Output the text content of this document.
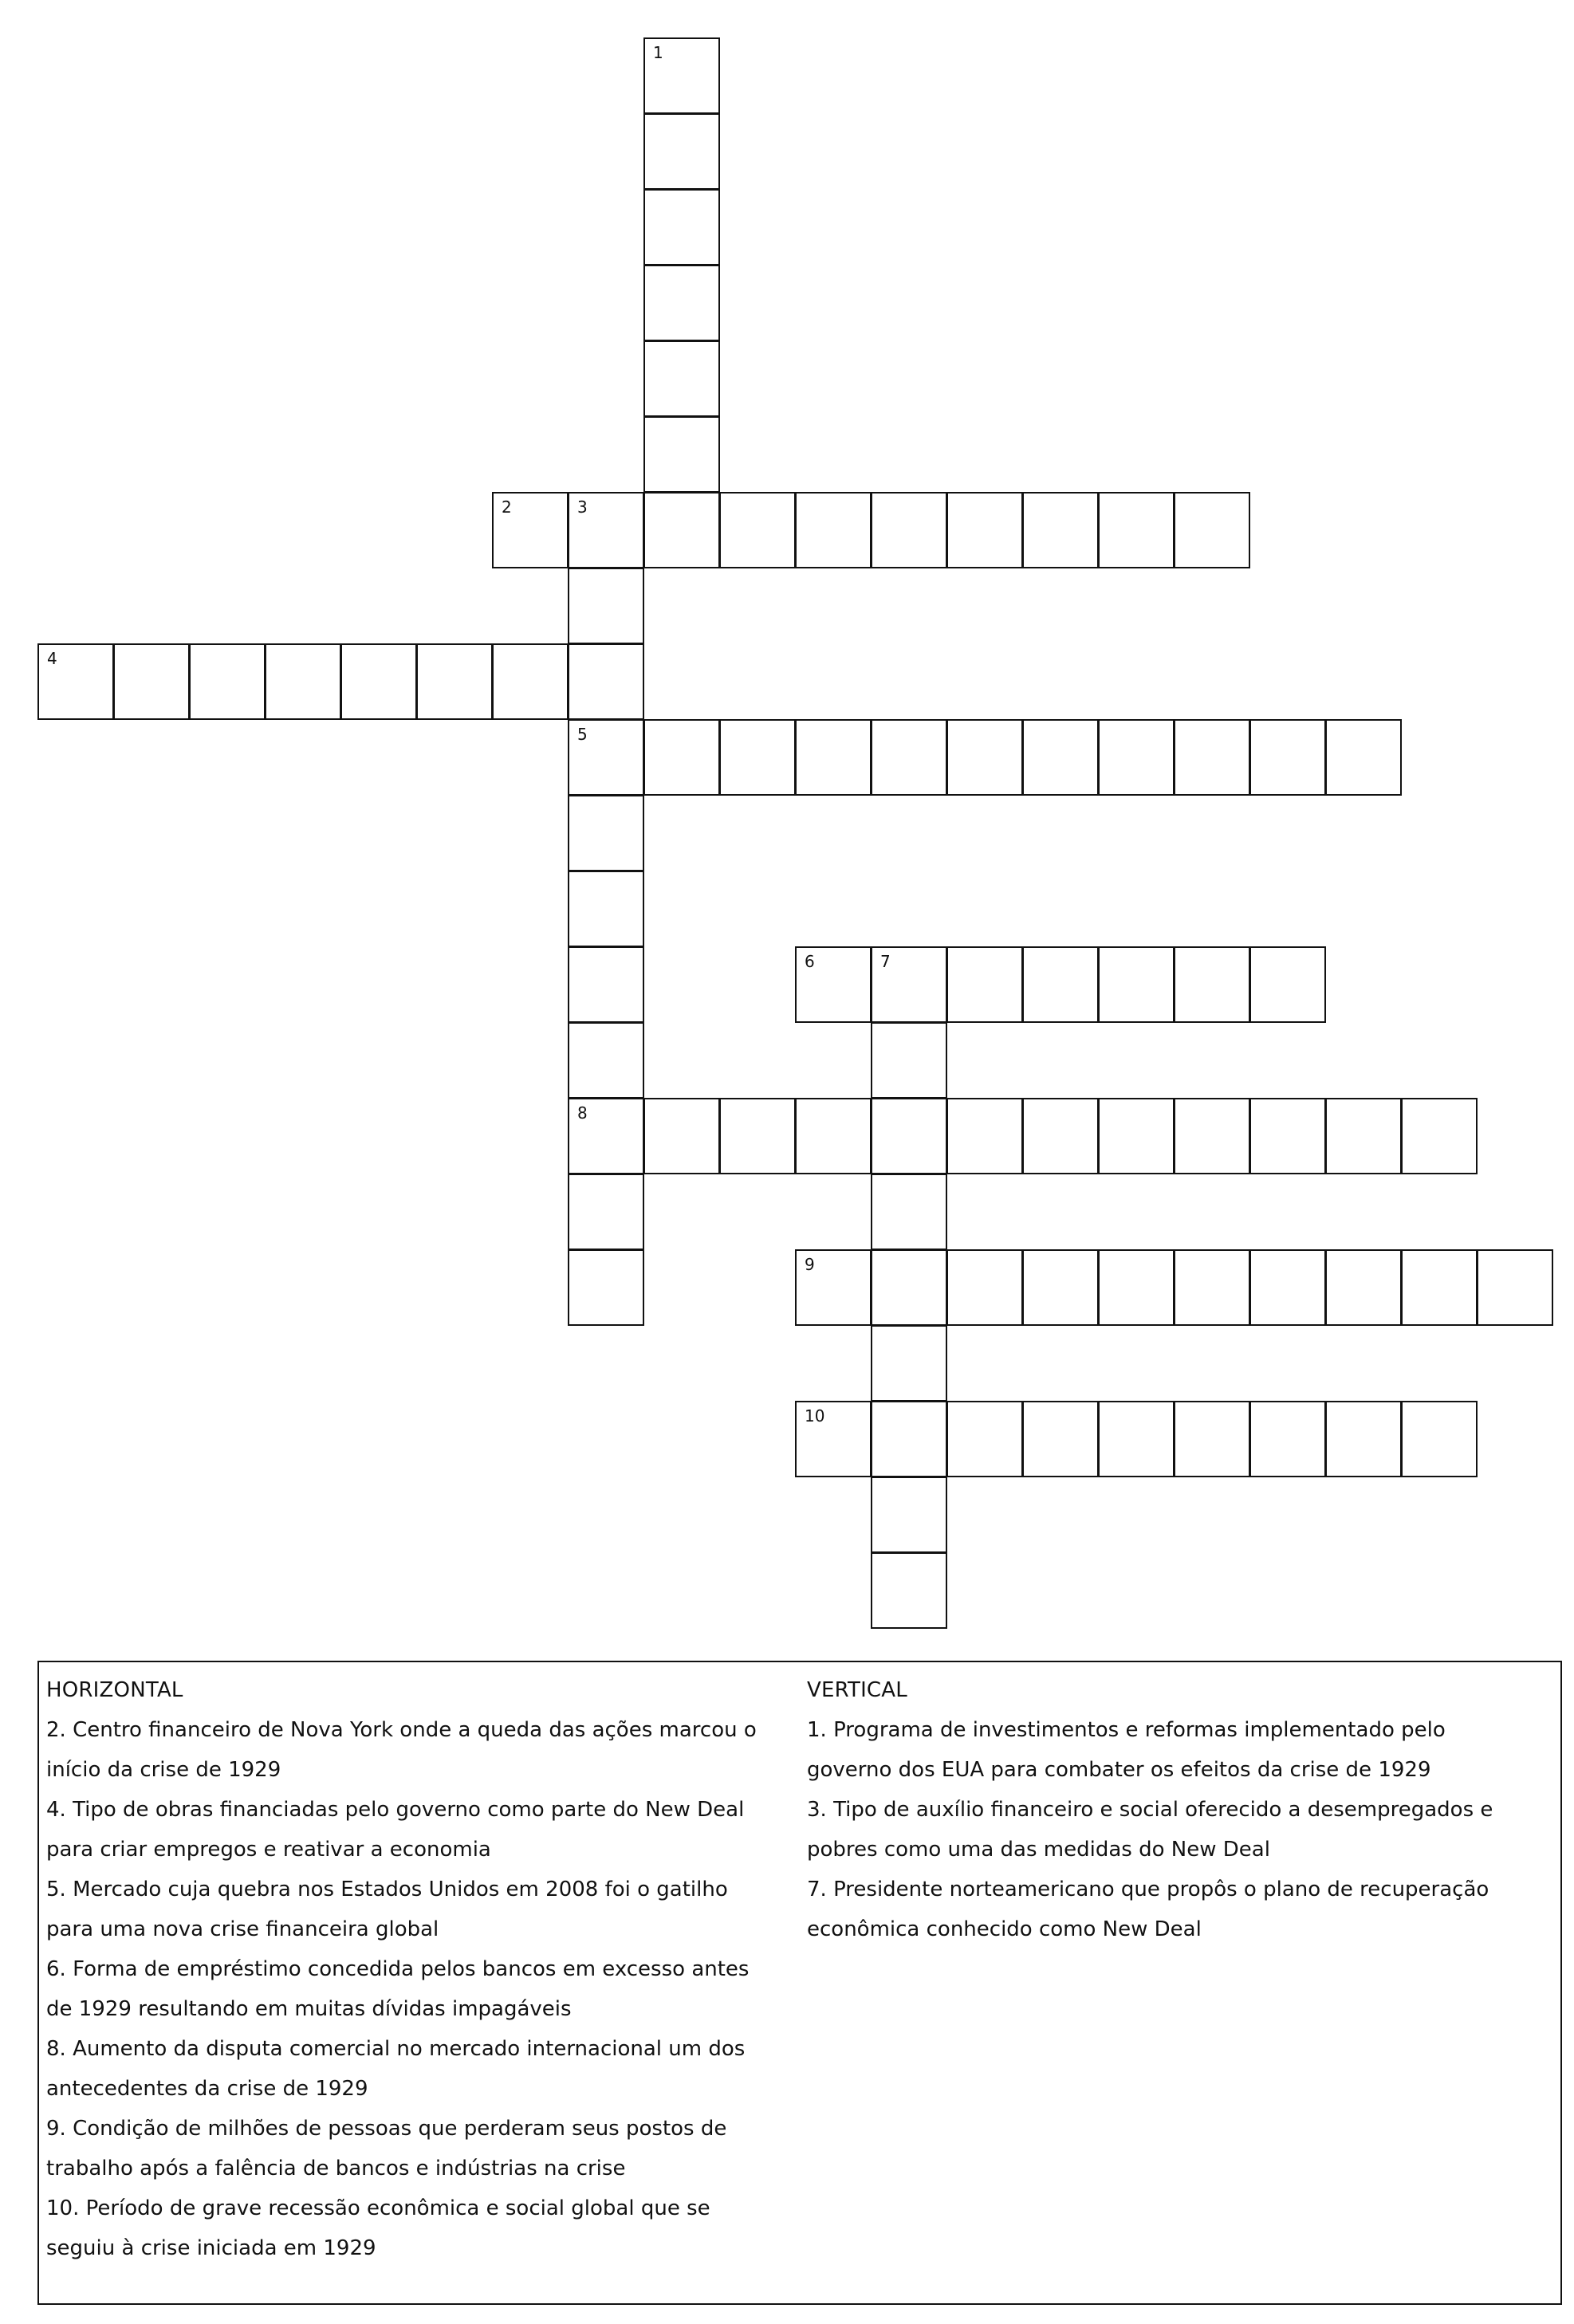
1
2	3
4
5
6	7
8
9
10
HORIZONTAL
2. Centro financeiro de Nova York onde a queda das ações marcou o
início da crise de 1929
4. Tipo de obras financiadas pelo governo como parte do New Deal
para criar empregos e reativar a economia
5. Mercado cuja quebra nos Estados Unidos em 2008 foi o gatilho
para uma nova crise financeira global
6. Forma de empréstimo concedida pelos bancos em excesso antes
de 1929 resultando em muitas dívidas impagáveis
8. Aumento da disputa comercial no mercado internacional um dos
antecedentes da crise de 1929
9. Condição de milhões de pessoas que perderam seus postos de
trabalho após a falência de bancos e indústrias na crise
10. Período de grave recessão econômica e social global que se
seguiu à crise iniciada em 1929
VERTICAL
1. Programa de investimentos e reformas implementado pelo
governo dos EUA para combater os efeitos da crise de 1929
3. Tipo de auxílio financeiro e social oferecido a desempregados e
pobres como uma das medidas do New Deal
7. Presidente norteamericano que propôs o plano de recuperação
econômica conhecido como New Deal
